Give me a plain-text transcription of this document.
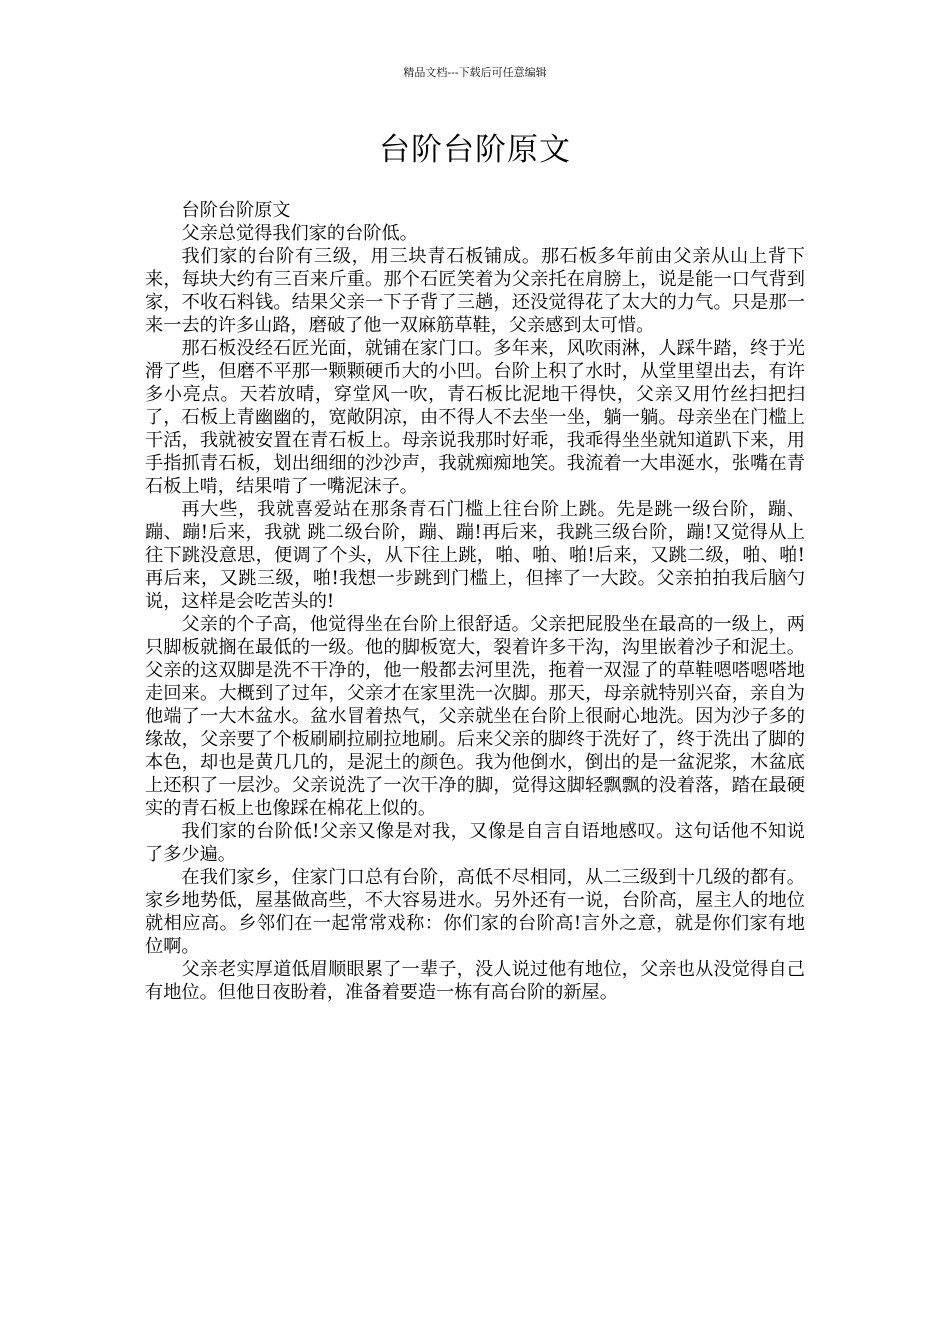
精品文档---下载后可任意编辑
台阶台阶原文

台阶台阶原文

父亲总觉得我们家的台阶低。

我们家的台阶有三级，用三块青石板铺成。那石板多年前由父亲从山上背下来，每块大约有三百来斤重。那个石匠笑着为父亲托在肩膀上，说是能一口气背到家，不收石料钱。结果父亲一下子背了三趟，还没觉得花了太大的力气。只是那一来一去的许多山路，磨破了他一双麻筋草鞋，父亲感到太可惜。

那石板没经石匠光面，就铺在家门口。多年来，风吹雨淋，人踩牛踏，终于光滑了些，但磨不平那一颗颗硬币大的小凹。台阶上积了水时，从堂里望出去，有许多小亮点。天若放晴，穿堂风一吹，青石板比泥地干得快，父亲又用竹丝扫把扫了，石板上青幽幽的，宽敞阴凉，由不得人不去坐一坐，躺一躺。母亲坐在门槛上干活，我就被安置在青石板上。母亲说我那时好乖，我乖得坐坐就知道趴下来，用手指抓青石板，划出细细的沙沙声，我就痴痴地笑。我流着一大串涎水，张嘴在青石板上啃，结果啃了一嘴泥沫子。

再大些，我就喜爱站在那条青石门槛上往台阶上跳。先是跳一级台阶，蹦、蹦、蹦!后来，我就 跳二级台阶，蹦、蹦!再后来，我跳三级台阶，蹦!又觉得从上往下跳没意思，便调了个头，从下往上跳，啪、啪、啪!后来，又跳二级，啪、啪!再后来，又跳三级，啪!我想一步跳到门槛上，但摔了一大跤。父亲拍拍我后脑勺说，这样是会吃苦头的!

父亲的个子高，他觉得坐在台阶上很舒适。父亲把屁股坐在最高的一级上，两只脚板就搁在最低的一级。他的脚板宽大，裂着许多干沟，沟里嵌着沙子和泥土。父亲的这双脚是洗不干净的，他一般都去河里洗，拖着一双湿了的草鞋嗯嗒嗯嗒地走回来。大概到了过年，父亲才在家里洗一次脚。那天，母亲就特别兴奋，亲自为他端了一大木盆水。盆水冒着热气，父亲就坐在台阶上很耐心地洗。因为沙子多的缘故，父亲要了个板刷刷拉刷拉地刷。后来父亲的脚终于洗好了，终于洗出了脚的本色，却也是黄几几的，是泥土的颜色。我为他倒水，倒出的是一盆泥浆，木盆底上还积了一层沙。父亲说洗了一次干净的脚，觉得这脚轻飘飘的没着落，踏在最硬实的青石板上也像踩在棉花上似的。

我们家的台阶低!父亲又像是对我，又像是自言自语地感叹。这句话他不知说了多少遍。

在我们家乡，住家门口总有台阶，高低不尽相同，从二三级到十几级的都有。家乡地势低，屋基做高些，不大容易进水。另外还有一说，台阶高，屋主人的地位就相应高。乡邻们在一起常常戏称：你们家的台阶高!言外之意，就是你们家有地位啊。

父亲老实厚道低眉顺眼累了一辈子，没人说过他有地位，父亲也从没觉得自己有地位。但他日夜盼着，准备着要造一栋有高台阶的新屋。
